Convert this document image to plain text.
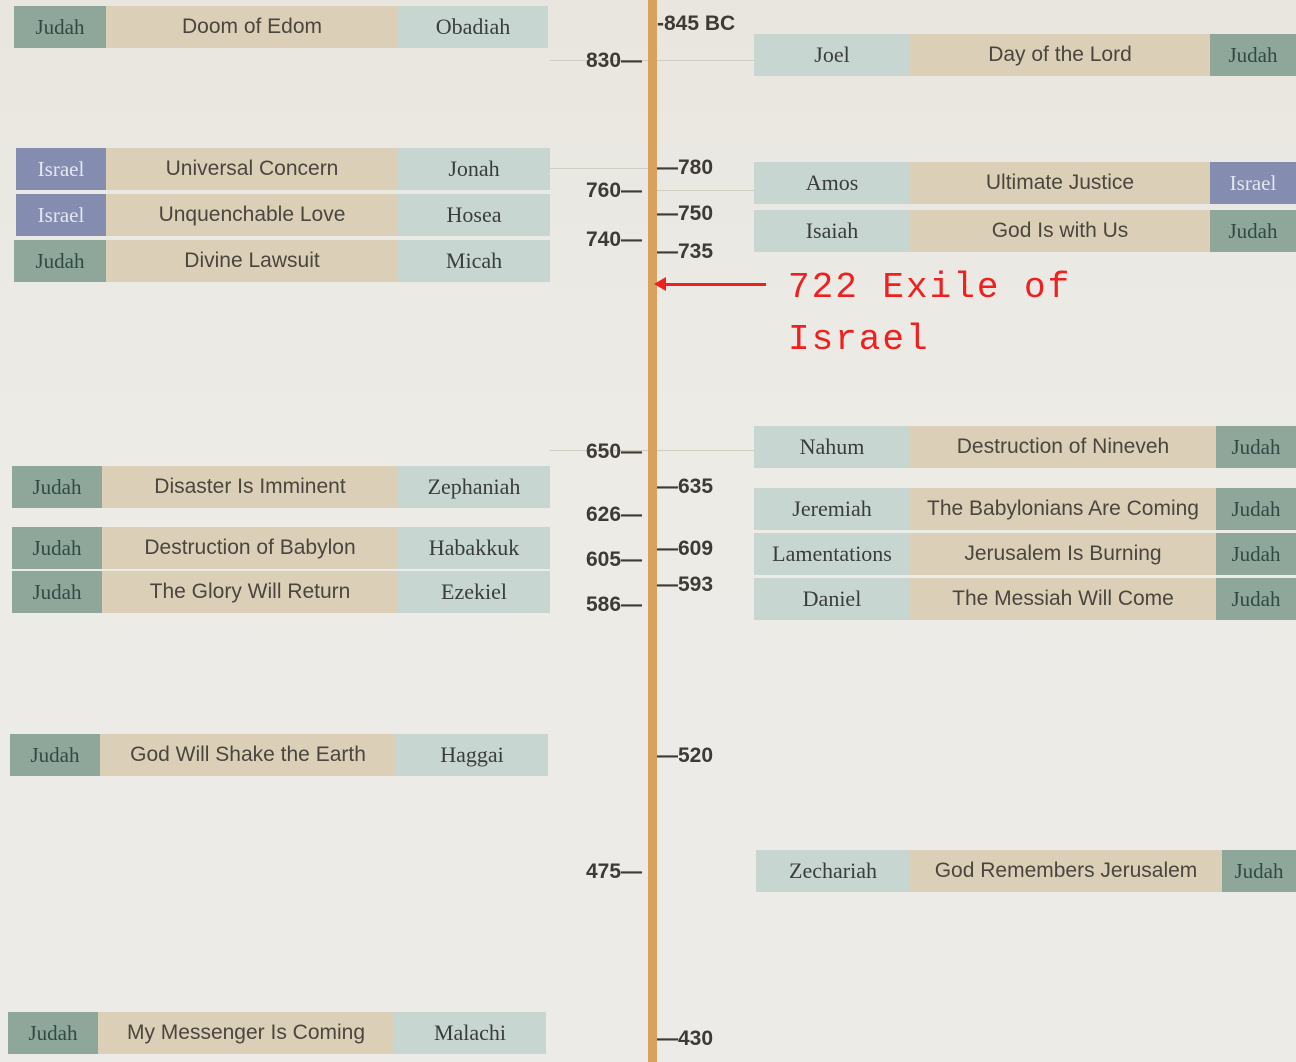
830—
760—
740—
650—
626—
605—
586—
475—
-845 BC
—780
—750
—735
—635
—609
—593
—520
—430
Judah	Doom of Edom	Obadiah
Israel	Universal Concern	Jonah
Israel	Unquenchable Love	Hosea
Judah	Divine Lawsuit	Micah
Judah	Disaster Is Imminent	Zephaniah
Judah	Destruction of Babylon	Habakkuk
Judah	The Glory Will Return	Ezekiel
Judah	God Will Shake the Earth	Haggai
Judah	My Messenger Is Coming	Malachi
Joel	Day of the Lord	Judah
Amos	Ultimate Justice	Israel
Isaiah	God Is with Us	Judah
Nahum	Destruction of Nineveh	Judah
Jeremiah	The Babylonians Are Coming	Judah
Lamentations	Jerusalem Is Burning	Judah
Daniel	The Messiah Will Come	Judah
Zechariah	God Remembers Jerusalem	Judah
722 Exile of
Israel
